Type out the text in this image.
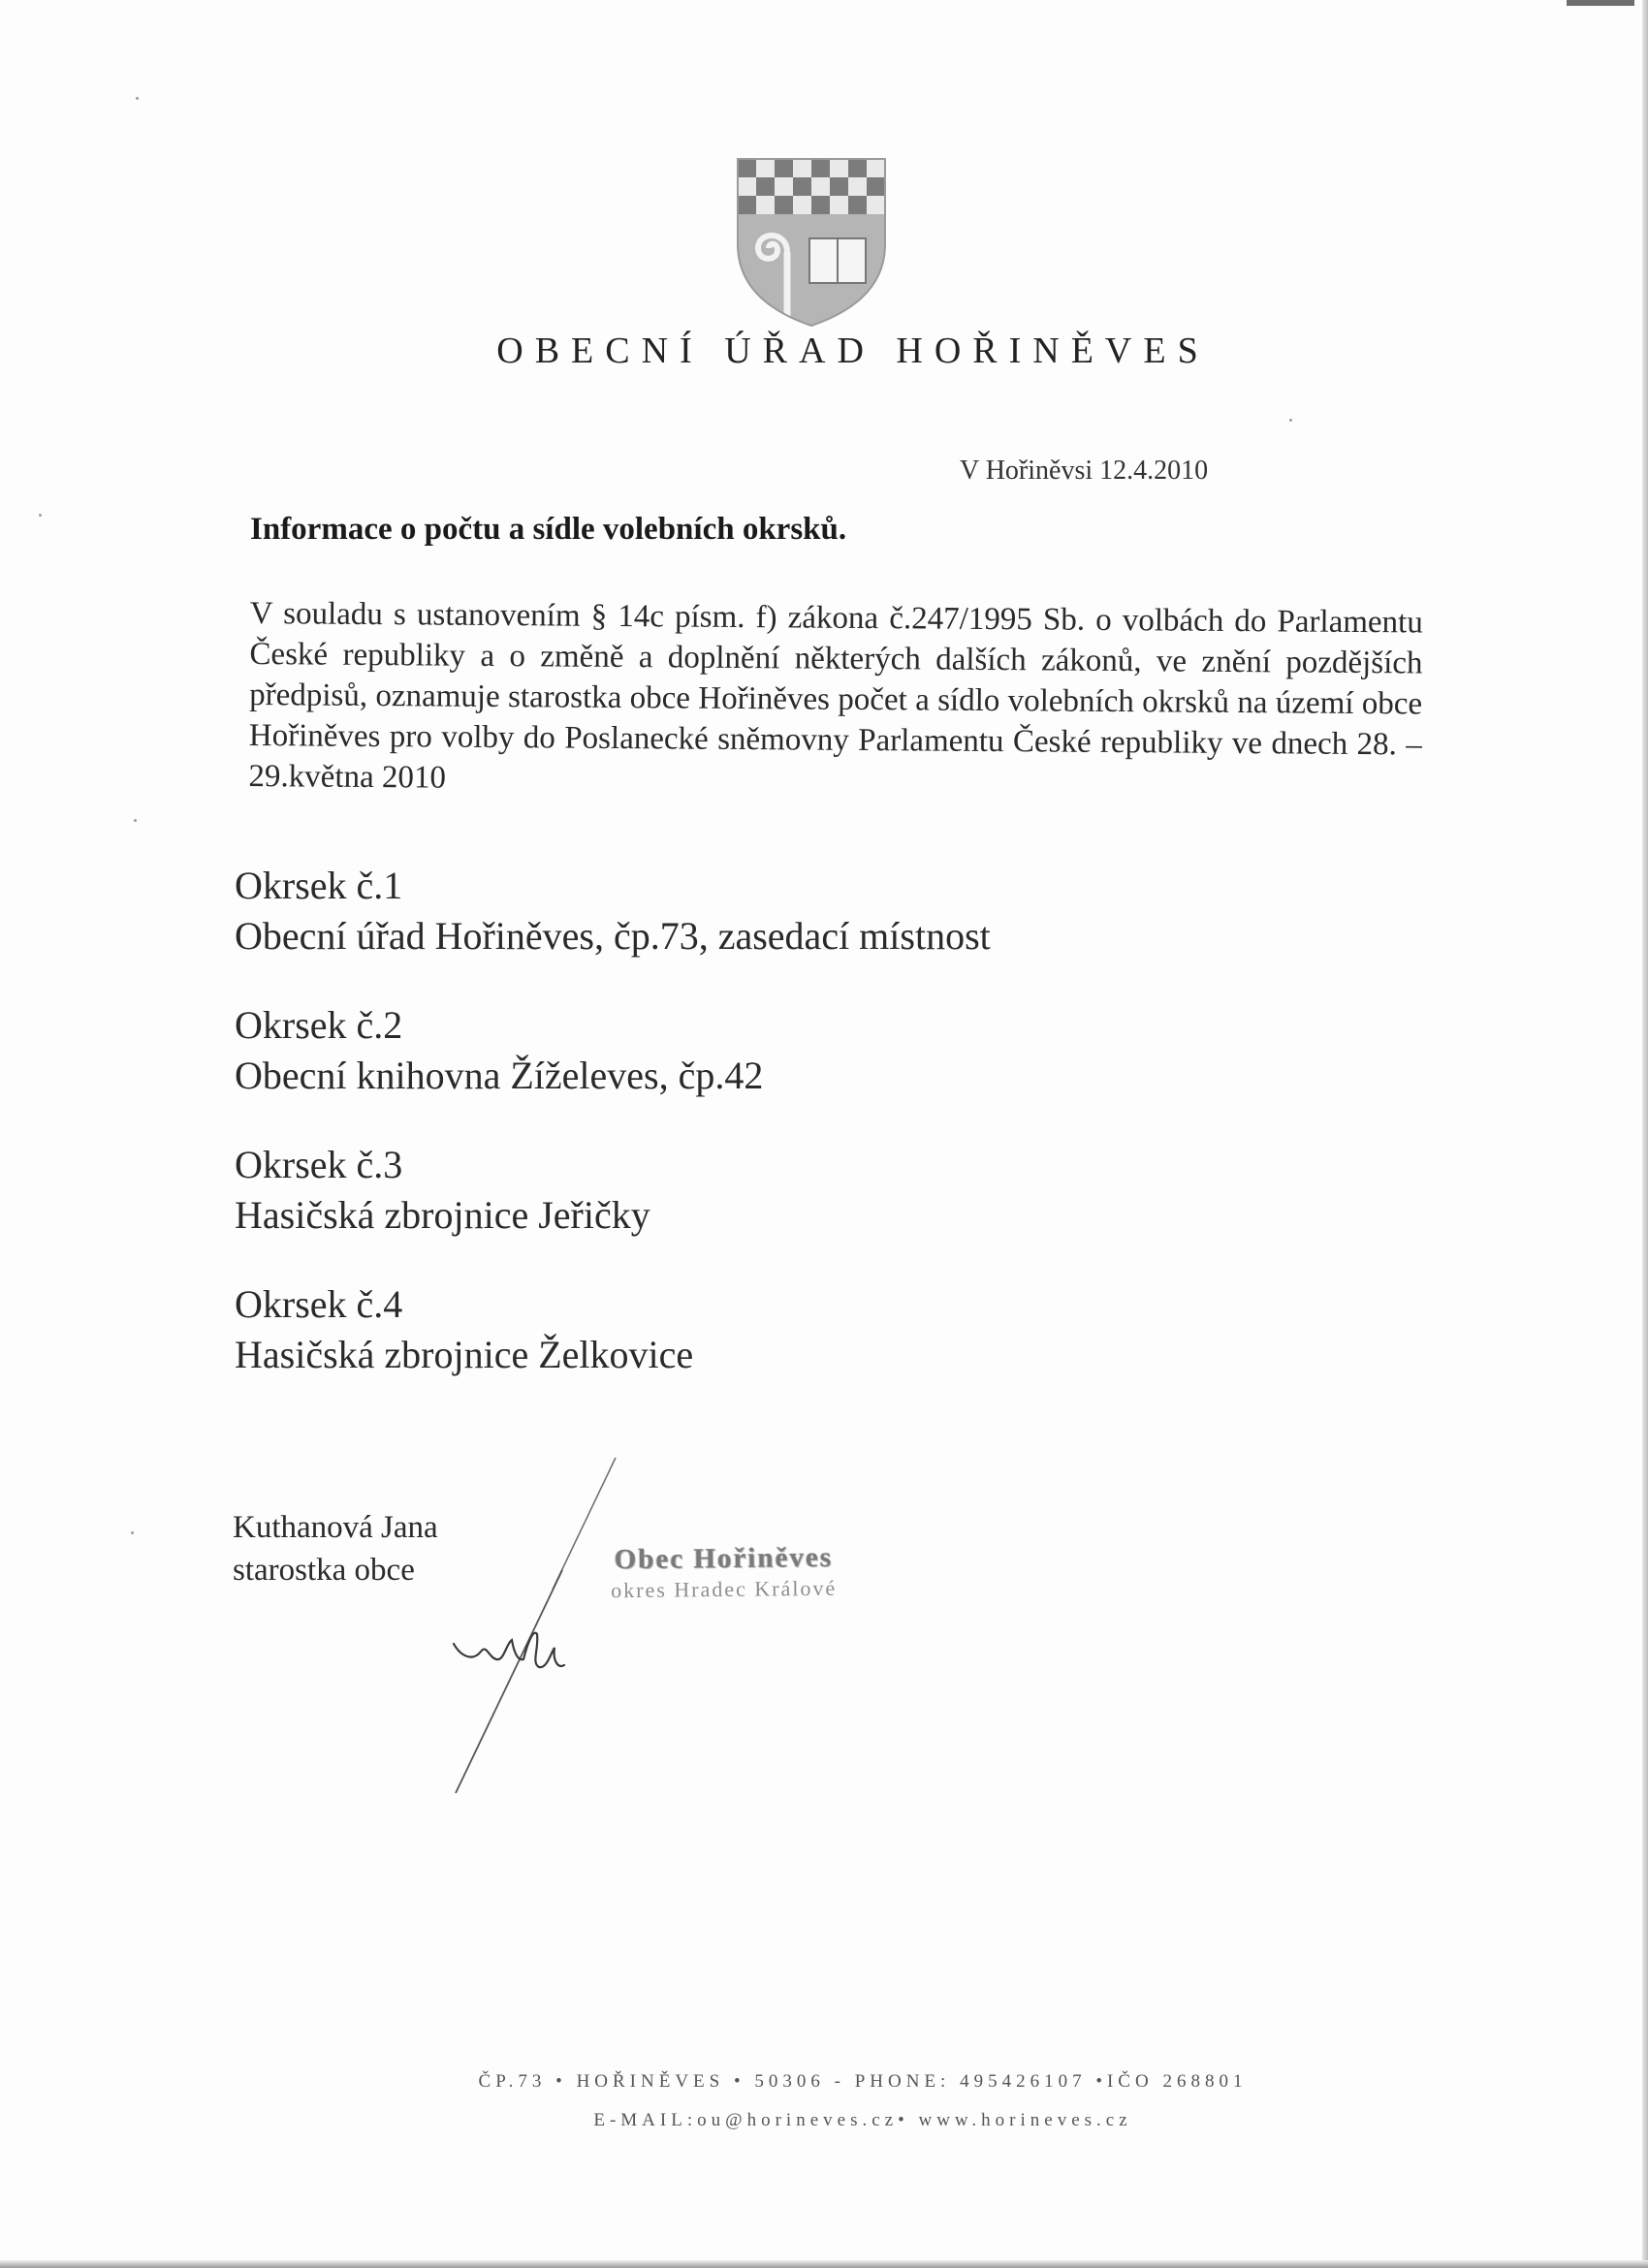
OBECNÍ ÚŘAD HOŘINĚVES
V Hořiněvsi 12.4.2010
Informace o počtu a sídle volebních okrsků.
V souladu s ustanovením § 14c písm. f) zákona č.247/1995 Sb. o volbách do Parlamentu České republiky a o změně a doplnění některých dalších zákonů, ve znění pozdějších předpisů, oznamuje starostka obce Hořiněves počet a sídlo volebních okrsků na území obce Hořiněves pro volby do Poslanecké sněmovny Parlamentu České republiky ve dnech 28. – 29.května 2010
Okrsek č.1
Obecní úřad Hořiněves, čp.73, zasedací místnost
Okrsek č.2
Obecní knihovna Žíželeves, čp.42
Okrsek č.3
Hasičská zbrojnice Jeřičky
Okrsek č.4
Hasičská zbrojnice Želkovice
Kuthanová Jana
starostka obce	Obec Hořiněves
okres Hradec Králové
ČP.73 • HOŘINĚVES • 50306 - PHONE: 495426107 •IČO 268801
E-MAIL:ou@horineves.cz• www.horineves.cz
